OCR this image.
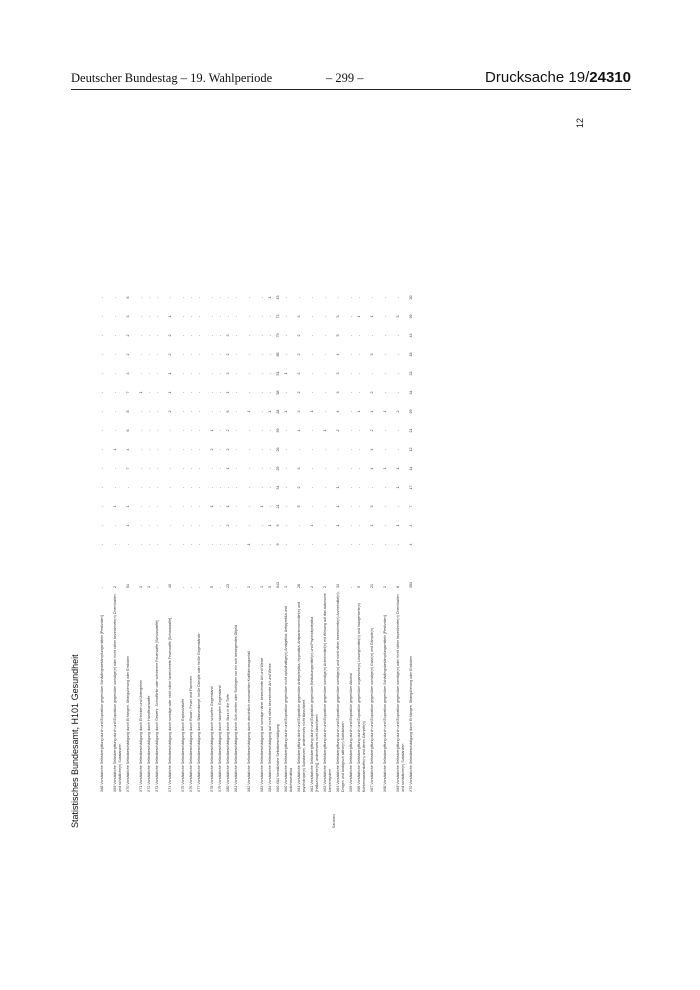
Deutscher Bundestag – 19. Wahlperiode	– 299 –	Drucksache 19/24310
Statistisches Bundesamt, H101 Gesundheit	Sachsen
X68 Vorsätzliche Selbstvergiftung durch und Exposition gegenüber Schädlingsbekämpfungsmitteln [Pestiziden]	-	-	-	-	-	-	-	-	-	-	-	-	-	-	-
X69 Vorsätzliche Selbstvergiftung durch und Exposition gegenüber sonstige(n) oder nicht näher bezeichnete(n) Chemikalien und schädliche(n) Substanzen	2	-	-	1	-	-	1	-	-	-	-	-	-	-	-
X70 Vorsätzliche Selbstbeschädigung durch Erhängen, Strangulierung oder Ersticken	51	-	1	1	-	7	4	6	8	7	3	2	2	3	6
X71 Vorsätzliche Selbstbeschädigung durch Ertrinken und Untergehen	3	-	-	-	-	-	-	-	-	1	-	-	-	-	-
X72 Vorsätzliche Selbstbeschädigung durch Handfeuerwaffe	1	-	-	-	-	-	-	-	-	-	-	-	-	-	-
X73 Vorsätzliche Selbstbeschädigung durch Gewehr, Schrotflinte oder schwerere Feuerwaffe [Schusswaffe]	-	-	-	-	-	-	-	-	-	-	-	-	-	-	-
X74 Vorsätzliche Selbstbeschädigung durch sonstige oder nicht näher bezeichnete Feuerwaffe [Schusswaffe]	10	-	-	-	-	-	-	-	2	1	1	2	2	1	-
X75 Vorsätzliche Selbstbeschädigung durch Explosivstoffe	-	-	-	-	-	-	-	-	-	-	-	-	-	-	-
X76 Vorsätzliche Selbstbeschädigung durch Rauch, Feuer und Flammen	-	-	-	-	-	-	-	-	-	-	-	-	-	-	-
X77 Vorsätzliche Selbstbeschädigung durch Wasserdampf, heiße Dämpfe oder heiße Gegenstände	-	-	-	-	-	-	-	-	-	-	-	-	-	-	-
X78 Vorsätzliche Selbstbeschädigung durch scharfen Gegenstand	5	-	-	1	-	-	2	1	-	-	-	-	-	-	-
X79 Vorsätzliche Selbstbeschädigung durch stumpfen Gegenstand	-	-	-	-	-	-	-	-	-	-	-	-	-	-	-
X80 Vorsätzliche Selbstbeschädigung durch Sturz in die Tiefe	23	-	2	1	-	1	2	2	6	1	3	2	3	-	-
X81 Vorsätzliche Selbstbeschädigung durch Sich-werfen oder Sichlegen vor ein sich bewegendes Objekt	-	-	-	-	-	-	-	-	-	-	-	-	-	-	-
X82 Vorsätzliche Selbstbeschädigung durch absichtlich verursachten Kraftfahrzeugunfall	2	1	-	-	-	-	-	-	1	-	-	-	-	-	-
X83 Vorsätzliche Selbstbeschädigung auf sonstige näher bezeichnete Art und Weise	1	-	-	1	-	-	-	-	-	-	-	-	-	-	-
X84 Vorsätzliche Selbstbeschädigung auf nicht näher bezeichnete Art und Weise	3	-	1	-	-	-	-	-	1	-	-	-	-	-	1
X60-X84 Vorsätzliche Selbstbeschädigung	643	9	9	21	34	25	26	39	84	58	51	85	79	73	45
X60 Vorsätzliche Selbstvergiftung durch und Exposition gegenüber nicht opioidhaltige(n) Analgetika, Antipyretika und Antirheumatika	1	-	-	-	-	-	-	-	1	-	1	-	-	-	-
X61 Vorsätzliche Selbstvergiftung durch und Exposition gegenüber Antiepileptika, Hypnotika, Antiparkinsonmittel(n) und psychotrope(n) Substanzen, anderenorts nicht klassifiziert	28	-	-	5	2	3	-	4	3	2	3	2	2	3	-
X62 Vorsätzliche Selbstvergiftung durch und Exposition gegenüber Betäubungsmittel(n) und Psychodysleptika [Halluzinogene(n)], anderenorts nicht klassifiziert	2	-	1	-	-	-	-	-	1	-	-	-	-	-	-
X63 Vorsätzliche Selbstvergiftung durch und Exposition gegenüber sonstige(n) Arzneimittel(n) mit Wirkung auf das autonome Nervensystem	2	-	-	-	-	-	-	1	-	-	-	-	-	-	-
X64 Vorsätzliche Selbstvergiftung durch und Exposition gegenüber sonstige(n) und nicht näher bezeichnete(n) Arzneimittel(n), Drogen und biologisch aktive(n) Substanzen	33	-	1	1	1	-	-	2	4	3	3	4	5	3	-
X65 Vorsätzliche Selbstvergiftung durch und Exposition gegenüber Alkohol	-	-	-	-	-	-	-	-	-	-	-	-	-	-	-
X66 Vorsätzliche Selbstvergiftung durch und Exposition gegenüber organische(n) Lösungsmittel(n) und halogenierte(n) Kohlenwasserstoffe(n) und deren Dämpfe(n)	5	-	-	-	-	-	-	-	1	-	-	-	-	1	-
X67 Vorsätzliche Selbstvergiftung durch und Exposition gegenüber sonstige(n) Gase(n) und Dämpfe(n)	21	-	1	3	-	4	4	2	1	2	-	3	-	1	-
X68 Vorsätzliche Selbstvergiftung durch und Exposition gegenüber Schädlingsbekämpfungsmitteln [Pestiziden]	2	-	-	-	-	1	-	-	1	-	-	-	-	-	-
X69 Vorsätzliche Selbstvergiftung durch und Exposition gegenüber sonstige(n) oder nicht näher bezeichnete(n) Chemikalien und schädliche(n) Substanzen	8	-	1	-	1	1	-	-	2	-	-	-	-	3	-
X70 Vorsätzliche Selbstbeschädigung durch Erhängen, Strangulierung oder Ersticken	353	4	4	7	17	14	12	21	29	34	32	18	43	39	30
12
